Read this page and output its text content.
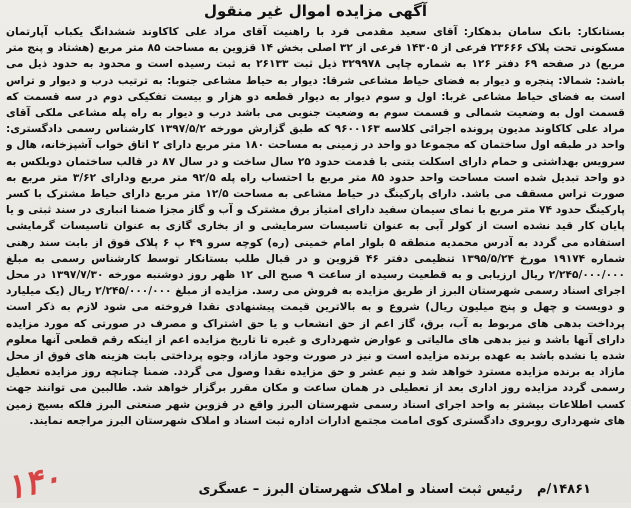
آگهی مزایده اموال غیر منقول
بستانکار: بانک سامان بدهکار: آقای سعید مقدمی فرد با راهنیت آقای مراد علی کاکاوند ششدانگ یکباب آپارتمان مسکونی تحت پلاک ۲۳۶۶۶ فرعی از ۱۴۳۰۵ فرعی از ۳۲ اصلی بخش ۱۴ قزوین به مساحت ۸۵ متر مربع (هشتاد و پنج متر مربع) در صفحه ۶۹ دفتر ۱۲۶ به شماره چاپی ۳۲۹۹۷۸ ذیل ثبت ۲۶۱۳۳ به ثبت رسیده است و محدود به حدود ذیل می باشد: شمالا: پنجره و دیوار به فضای حیاط مشاعی شرقا: دیوار به حیاط مشاعی جنوبا: به ترتیب درب و دیوار و تراس است به فضای حیاط مشاعی غربا: اول و سوم دیوار به دیوار قطعه دو هزار و بیست تفکیکی دوم در سه قسمت که قسمت اول به وضعیت شمالی و قسمت سوم به وضعیت جنوبی می باشد درب و دیوار به راه پله مشاعی ملکی آقای مراد علی کاکاوند مدیون پرونده اجرائی کلاسه ۹۶۰۰۱۶۳ که طبق گزارش مورخه ۱۳۹۷/۵/۲ کارشناس رسمی دادگستری: واحد در طبقه اول ساختمان که مجموعا دو واحد در زمینی به مساحت ۱۸۰ متر مربع دارای ۲ اتاق خواب آشپزخانه، هال و سرویس بهداشتی و حمام دارای اسکلت بتنی با قدمت حدود ۲۵ سال ساخت و در سال ۸۷ در قالب ساختمان دوبلکس به دو واحد تبدیل شده است مساحت واحد حدود ۸۵ متر مربع با احتساب راه پله ۹۲/۵ متر مربع ودارای ۳/۶۲ متر مربع به صورت تراس مسقف می باشد. دارای پارکینگ در حیاط مشاعی به مساحت ۱۲/۵ متر مربع دارای حیاط مشترک با کسر پارکینگ حدود ۷۴ متر مربع با نمای سیمان سفید دارای امتیاز برق مشترک و آب و گاز مجزا ضمنا انباری در سند ثبتی و یا پایان کار قید نشده است از کولر آبی به عنوان تاسیسات سرمایشی و از بخاری گازی به عنوان تاسیسات گرمایشی استفاده می گردد به آدرس محمدیه منطقه ۵ بلوار امام خمینی (ره) کوچه سرو ۴۹ پ ۶ پلاک فوق از بابت سند رهنی شماره ۱۹۱۷۴ مورخ ۱۳۹۵/۵/۲۴ تنظیمی دفتر ۴۶ قزوین و در قبال طلب بستانکار توسط کارشناس رسمی به مبلغ ۲/۲۴۵/۰۰۰/۰۰۰ ریال ارزیابی و به قطعیت رسیده از ساعت ۹ صبح الی ۱۲ ظهر روز دوشنبه مورخه ۱۳۹۷/۷/۳۰ در محل اجرای اسناد رسمی شهرستان البرز از طریق مزایده به فروش می رسد. مزایده از مبلغ ۲/۲۴۵/۰۰۰/۰۰۰ ریال (یک میلیارد و دویست و چهل و پنج میلیون ریال) شروع و به بالاترین قیمت پیشنهادی نقدا فروخته می شود لازم به ذکر است پرداخت بدهی های مربوط به آب، برق، گاز اعم از حق انشعاب و یا حق اشتراک و مصرف در صورتی که مورد مزایده دارای آنها باشد و نیز بدهی های مالیاتی و عوارض شهرداری و غیره تا تاریخ مزایده اعم از اینکه رقم قطعی آنها معلوم شده یا نشده باشد به عهده برنده مزایده است و نیز در صورت وجود مازاد، وجوه پرداختی بابت هزینه های فوق از محل مازاد به برنده مزایده مسترد خواهد شد و نیم عشر و حق مزایده نقدا وصول می گردد. ضمنا چنانچه روز مزایده تعطیل رسمی گردد مزایده روز اداری بعد از تعطیلی در همان ساعت و مکان مقرر برگزار خواهد شد. طالبین می توانند جهت کسب اطلاعات بیشتر به واحد اجرای اسناد رسمی شهرستان البرز واقع در قزوین شهر صنعتی البرز فلکه بسیج زمین های شهرداری روبروی دادگستری کوی امامت مجتمع ادارات اداره ثبت اسناد و املاک شهرستان البرز مراجعه نمایند.
۱۴۸۶۱/م رئیس ثبت اسناد و املاک شهرستان البرز – عسگری
۱۴۰
